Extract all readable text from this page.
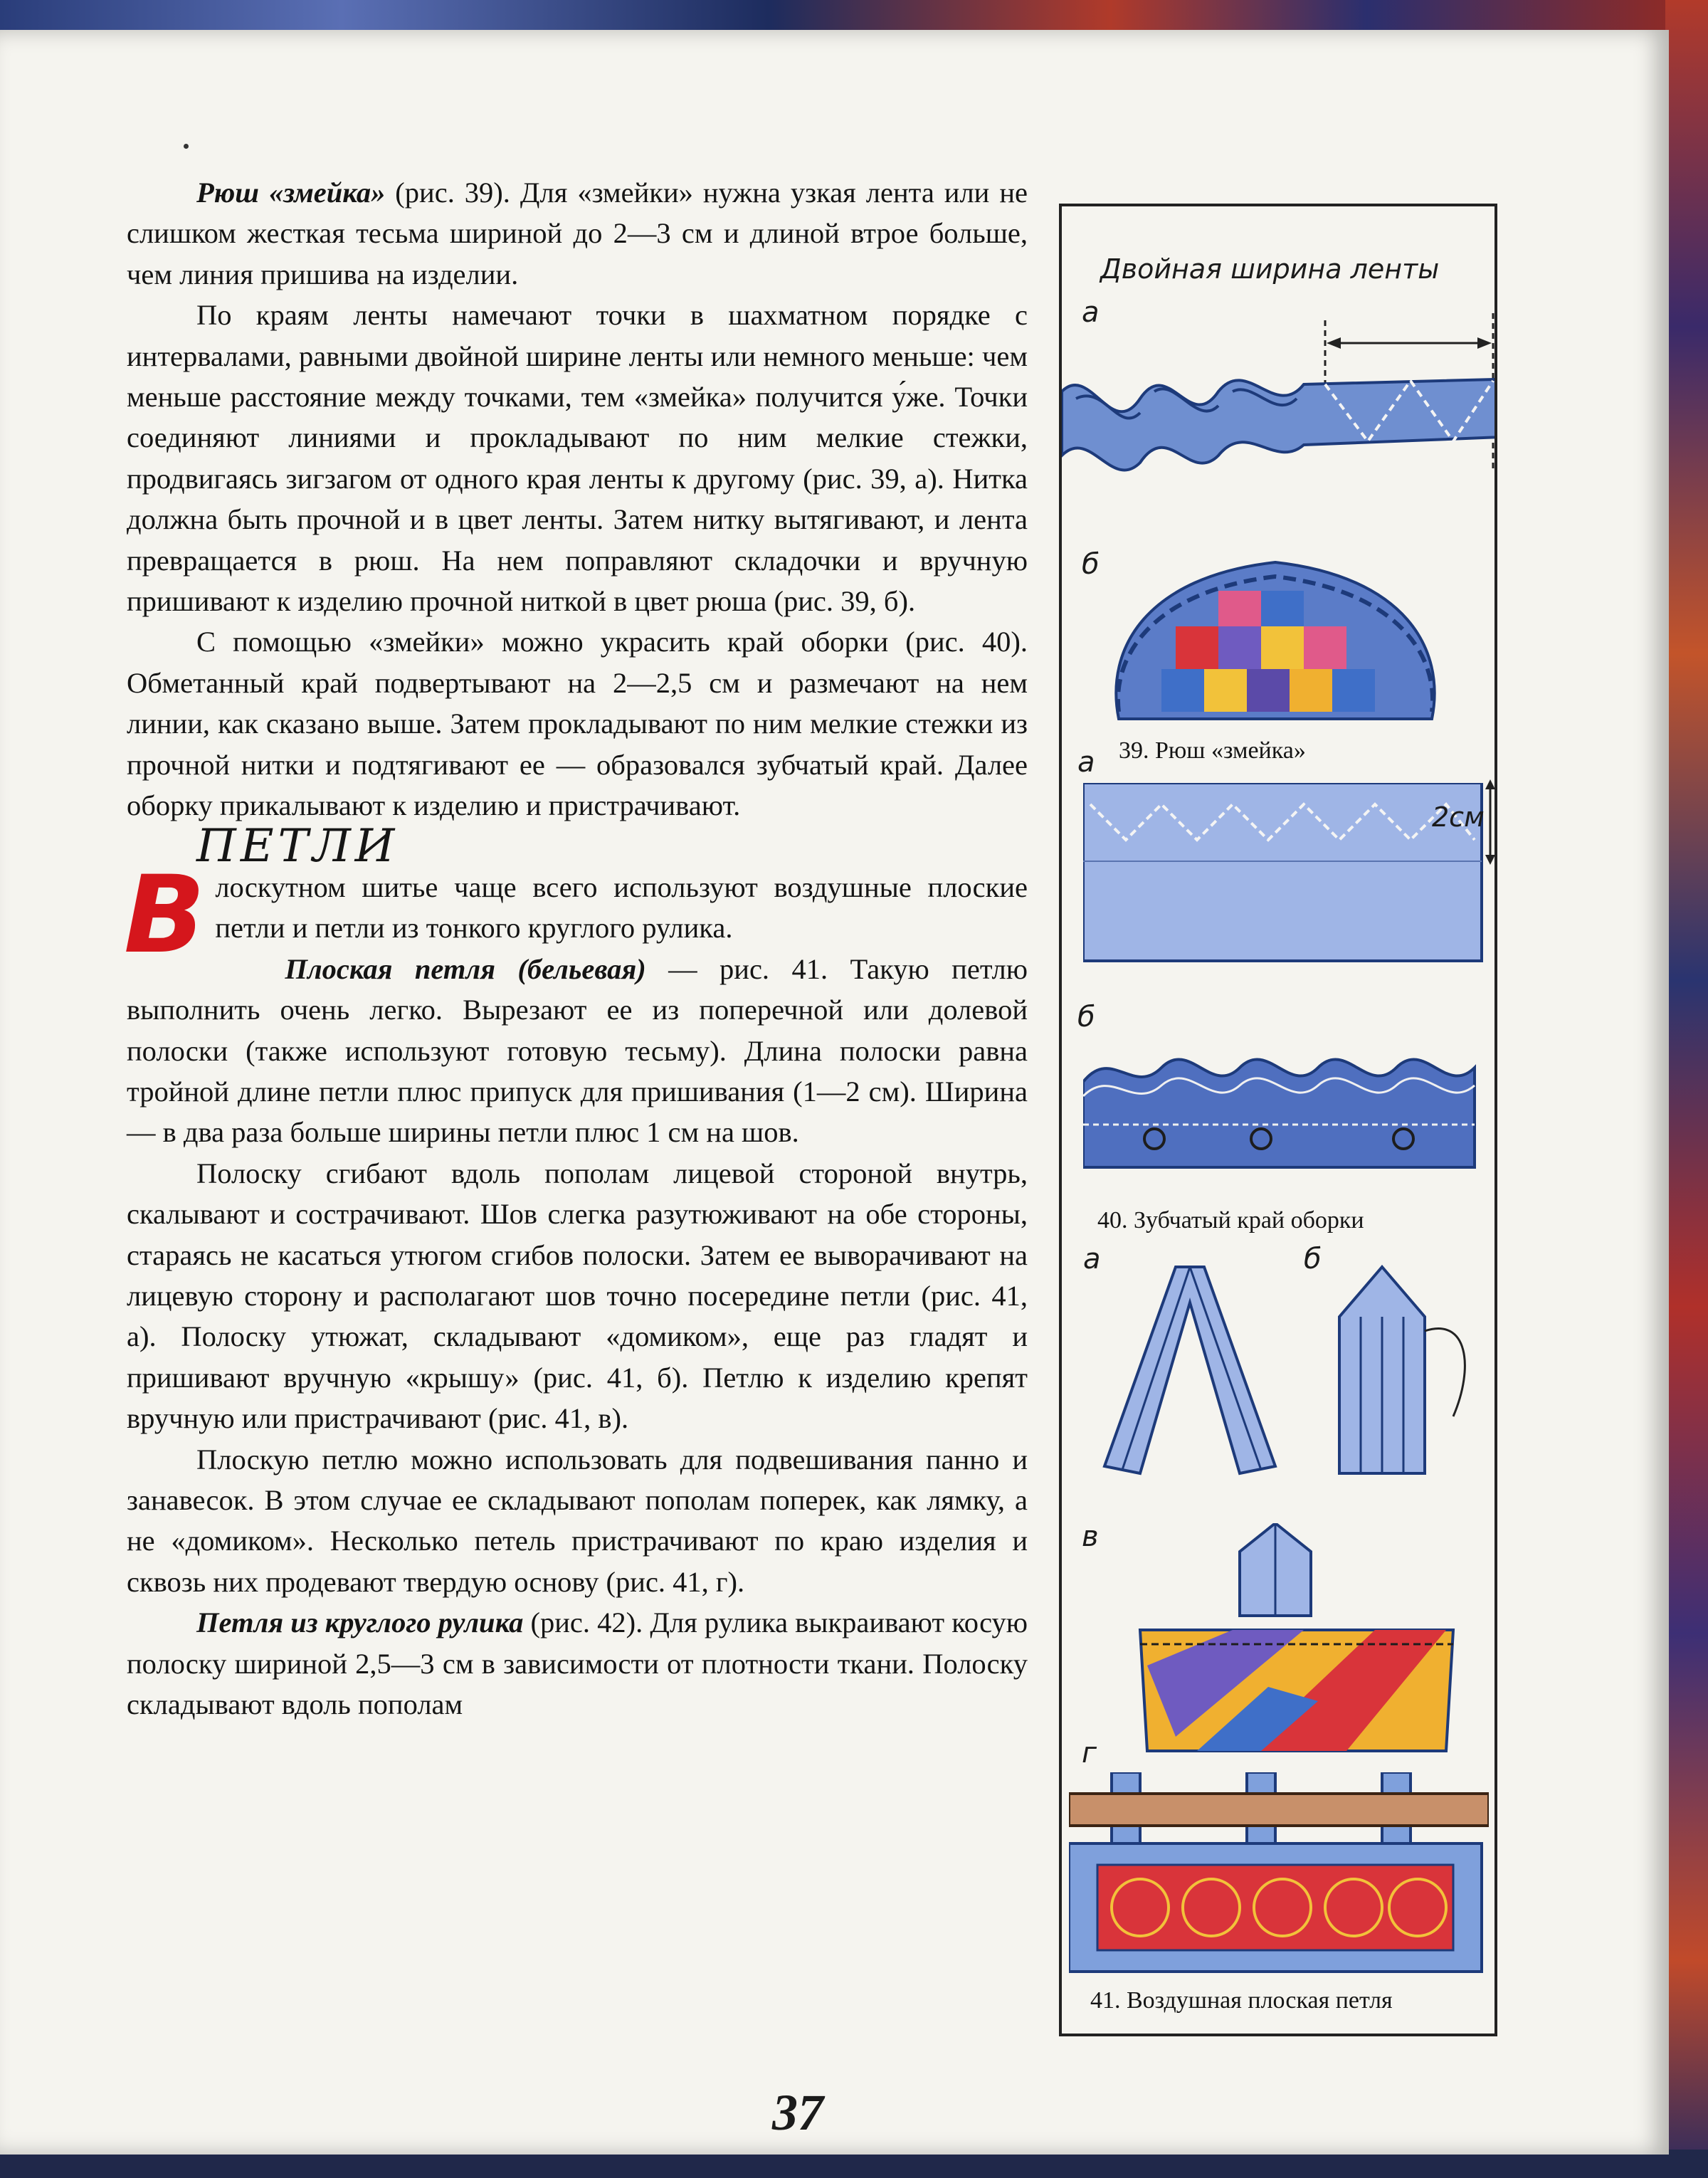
Рюш «змейка» (рис. 39). Для «змейки» нужна узкая лента или не слишком жесткая тесьма шириной до 2—3 см и длиной втрое больше, чем линия пришива на изделии.

По краям ленты намечают точки в шахматном порядке с интервалами, равными двойной ширине ленты или немного меньше: чем меньше расстояние между точками, тем «змейка» получится у́же. Точки соединяют линиями и прокладывают по ним мелкие стежки, продвигаясь зигзагом от одного края ленты к другому (рис. 39, а). Нитка должна быть прочной и в цвет ленты. Затем нитку вытягивают, и лента превращается в рюш. На нем поправляют складочки и вручную пришивают к изделию прочной ниткой в цвет рюша (рис. 39, б).

С помощью «змейки» можно украсить край оборки (рис. 40). Обметанный край подвертывают на 2—2,5 см и размечают на нем линии, как сказано выше. Затем прокладывают по ним мелкие стежки из прочной нитки и подтягивают ее — образовался зубчатый край. Далее оборку прикалывают к изделию и пристрачивают.

ПЕТЛИ

Влоскутном шитье чаще всего используют воздушные плоские петли и петли из тонкого круглого рулика.

Плоская петля (бельевая) — рис. 41. Такую петлю выполнить очень легко. Вырезают ее из поперечной или долевой полоски (также используют готовую тесьму). Длина полоски равна тройной длине петли плюс припуск для пришивания (1—2 см). Ширина — в два раза больше ширины петли плюс 1 см на шов.

Полоску сгибают вдоль пополам лицевой стороной внутрь, скалывают и сострачивают. Шов слегка разутюживают на обе стороны, стараясь не касаться утюгом сгибов полоски. Затем ее выворачивают на лицевую сторону и располагают шов точно посередине петли (рис. 41, а). Полоску утюжат, складывают «домиком», еще раз гладят и пришивают вручную «крышу» (рис. 41, б). Петлю к изделию крепят вручную или пристрачивают (рис. 41, в).

Плоскую петлю можно использовать для подвешивания панно и занавесок. В этом случае ее складывают пополам поперек, как лямку, а не «домиком». Несколько петель пристрачивают по краю изделия и сквозь них продевают твердую основу (рис. 41, г).

Петля из круглого рулика (рис. 42). Для рулика выкраивают косую полоску шириной 2,5—3 см в зависимости от плотности ткани. Полоску складывают вдоль пополам

а
Двойная ширина ленты
б
39. Рюш «змейка»
а
2см
б
40. Зубчатый край оборки
а	б
в
г
41. Воздушная плоская петля
37
